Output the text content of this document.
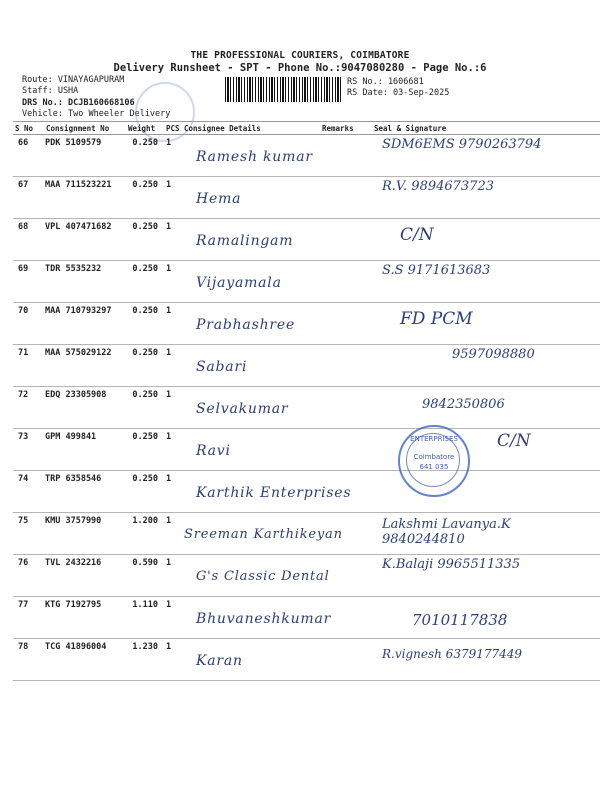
THE PROFESSIONAL COURIERS, COIMBATORE
Delivery Runsheet - SPT - Phone No.:9047080280 - Page No.:6
Route: VINAYAGAPURAM
Staff: USHA
DRS No.: DCJB160668106
Vehicle: Two Wheeler Delivery
RS No.: 1606681
RS Date: 03-Sep-2025
S No	Consignment No	Weight	PCS	Consignee Details	Remarks	Seal & Signature
66	PDK 5109579	0.250	1	Ramesh kumar		SDM6EMS 9790263794

67	MAA 711523221	0.250	1	Hema		R.V. 9894673723

68	VPL 407471682	0.250	1	Ramalingam		C/N

69	TDR 5535232	0.250	1	Vijayamala		S.S 9171613683

70	MAA 710793297	0.250	1	Prabhashree		FD PCM

71	MAA 575029122	0.250	1	Sabari		9597098880

72	EDQ 23305908	0.250	1	Selvakumar		9842350806

73	GPM 499841	0.250	1	Ravi		C/N

74	TRP 6358546	0.250	1	Karthik Enterprises		

75	KMU 3757990	1.200	1	Sreeman Karthikeyan		Lakshmi Lavanya.K 9840244810

76	TVL 2432216	0.590	1	G's Classic Dental		K.Balaji 9965511335

77	KTG 7192795	1.110	1	Bhuvaneshkumar		7010117838

78	TCG 41896004	1.230	1	Karan		R.vignesh 6379177449
ENTERPRISES
Coimbatore
641 035
